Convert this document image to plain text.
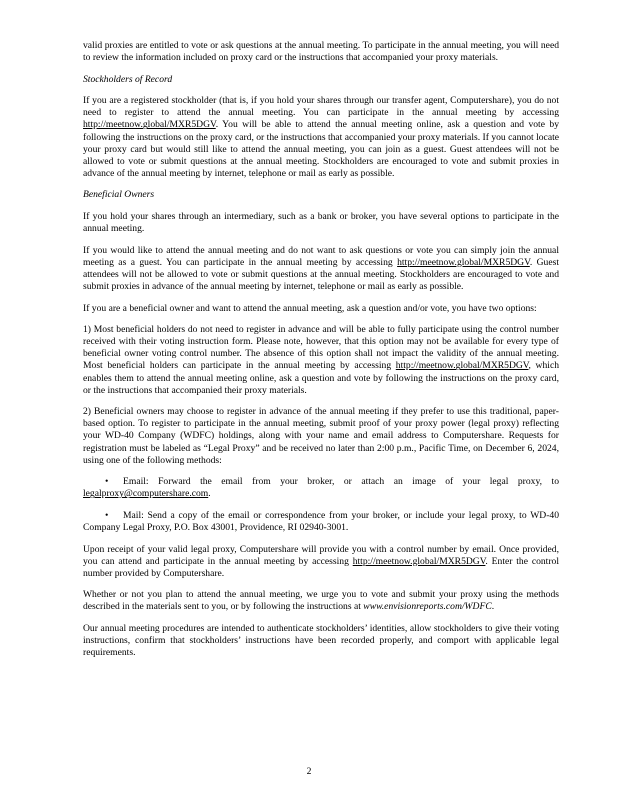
valid proxies are entitled to vote or ask questions at the annual meeting. To participate in the annual meeting, you will need to review the information included on proxy card or the instructions that accompanied your proxy materials.

Stockholders of Record

If you are a registered stockholder (that is, if you hold your shares through our transfer agent, Computershare), you do not need to register to attend the annual meeting. You can participate in the annual meeting by accessing http://meetnow.global/MXR5DGV. You will be able to attend the annual meeting online, ask a question and vote by following the instructions on the proxy card, or the instructions that accompanied your proxy materials. If you cannot locate your proxy card but would still like to attend the annual meeting, you can join as a guest. Guest attendees will not be allowed to vote or submit questions at the annual meeting. Stockholders are encouraged to vote and submit proxies in advance of the annual meeting by internet, telephone or mail as early as possible.

Beneficial Owners

If you hold your shares through an intermediary, such as a bank or broker, you have several options to participate in the annual meeting.

If you would like to attend the annual meeting and do not want to ask questions or vote you can simply join the annual meeting as a guest. You can participate in the annual meeting by accessing http://meetnow.global/MXR5DGV. Guest attendees will not be allowed to vote or submit questions at the annual meeting. Stockholders are encouraged to vote and submit proxies in advance of the annual meeting by internet, telephone or mail as early as possible.

If you are a beneficial owner and want to attend the annual meeting, ask a question and/or vote, you have two options:

1) Most beneficial holders do not need to register in advance and will be able to fully participate using the control number received with their voting instruction form. Please note, however, that this option may not be available for every type of beneficial owner voting control number. The absence of this option shall not impact the validity of the annual meeting. Most beneficial holders can participate in the annual meeting by accessing http://meetnow.global/MXR5DGV, which enables them to attend the annual meeting online, ask a question and vote by following the instructions on the proxy card, or the instructions that accompanied their proxy materials.

2) Beneficial owners may choose to register in advance of the annual meeting if they prefer to use this traditional, paper-based option. To register to participate in the annual meeting, submit proof of your proxy power (legal proxy) reflecting your WD-40 Company (WDFC) holdings, along with your name and email address to Computershare. Requests for registration must be labeled as “Legal Proxy” and be received no later than 2:00 p.m., Pacific Time, on December 6, 2024, using one of the following methods:

• Email: Forward the email from your broker, or attach an image of your legal proxy, to legalproxy@computershare.com.

• Mail: Send a copy of the email or correspondence from your broker, or include your legal proxy, to WD-40 Company Legal Proxy, P.O. Box 43001, Providence, RI 02940-3001.

Upon receipt of your valid legal proxy, Computershare will provide you with a control number by email. Once provided, you can attend and participate in the annual meeting by accessing http://meetnow.global/MXR5DGV. Enter the control number provided by Computershare.

Whether or not you plan to attend the annual meeting, we urge you to vote and submit your proxy using the methods described in the materials sent to you, or by following the instructions at www.envisionreports.com/WDFC.

Our annual meeting procedures are intended to authenticate stockholders’ identities, allow stockholders to give their voting instructions, confirm that stockholders’ instructions have been recorded properly, and comport with applicable legal requirements.

2
